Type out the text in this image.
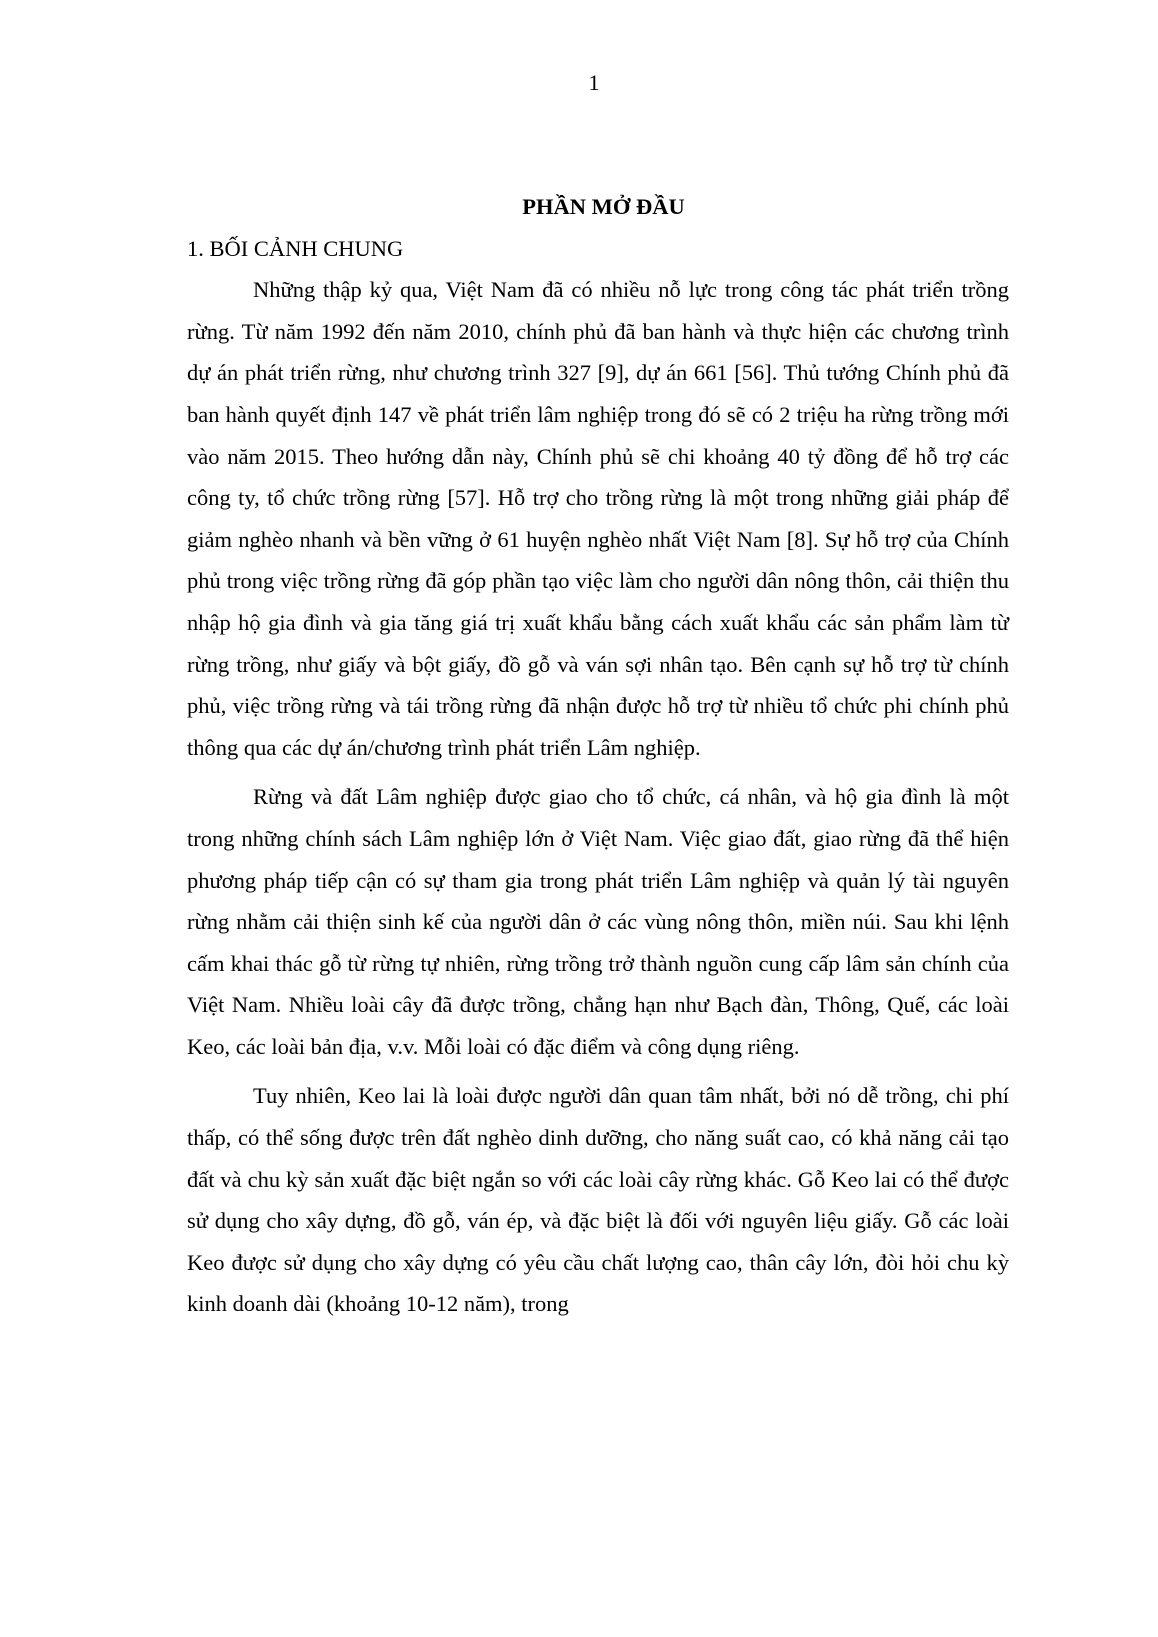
1
PHẦN MỞ ĐẦU
1. BỐI CẢNH CHUNG

Những thập kỷ qua, Việt Nam đã có nhiều nỗ lực trong công tác phát triển trồng rừng. Từ năm 1992 đến năm 2010, chính phủ đã ban hành và thực hiện các chương trình dự án phát triển rừng, như chương trình 327 [9], dự án 661 [56]. Thủ tướng Chính phủ đã ban hành quyết định 147 về phát triển lâm nghiệp trong đó sẽ có 2 triệu ha rừng trồng mới vào năm 2015. Theo hướng dẫn này, Chính phủ sẽ chi khoảng 40 tỷ đồng để hỗ trợ các công ty, tổ chức trồng rừng [57]. Hỗ trợ cho trồng rừng là một trong những giải pháp để giảm nghèo nhanh và bền vững ở 61 huyện nghèo nhất Việt Nam [8]. Sự hỗ trợ của Chính phủ trong việc trồng rừng đã góp phần tạo việc làm cho người dân nông thôn, cải thiện thu nhập hộ gia đình và gia tăng giá trị xuất khẩu bằng cách xuất khẩu các sản phẩm làm từ rừng trồng, như giấy và bột giấy, đồ gỗ và ván sợi nhân tạo. Bên cạnh sự hỗ trợ từ chính phủ, việc trồng rừng và tái trồng rừng đã nhận được hỗ trợ từ nhiều tổ chức phi chính phủ thông qua các dự án/chương trình phát triển Lâm nghiệp.

Rừng và đất Lâm nghiệp được giao cho tổ chức, cá nhân, và hộ gia đình là một trong những chính sách Lâm nghiệp lớn ở Việt Nam. Việc giao đất, giao rừng đã thể hiện phương pháp tiếp cận có sự tham gia trong phát triển Lâm nghiệp và quản lý tài nguyên rừng nhằm cải thiện sinh kế của người dân ở các vùng nông thôn, miền núi. Sau khi lệnh cấm khai thác gỗ từ rừng tự nhiên, rừng trồng trở thành nguồn cung cấp lâm sản chính của Việt Nam. Nhiều loài cây đã được trồng, chẳng hạn như Bạch đàn, Thông, Quế, các loài Keo, các loài bản địa, v.v. Mỗi loài có đặc điểm và công dụng riêng.

Tuy nhiên, Keo lai là loài được người dân quan tâm nhất, bởi nó dễ trồng, chi phí thấp, có thể sống được trên đất nghèo dinh dưỡng, cho năng suất cao, có khả năng cải tạo đất và chu kỳ sản xuất đặc biệt ngắn so với các loài cây rừng khác. Gỗ Keo lai có thể được sử dụng cho xây dựng, đồ gỗ, ván ép, và đặc biệt là đối với nguyên liệu giấy. Gỗ các loài Keo được sử dụng cho xây dựng có yêu cầu chất lượng cao, thân cây lớn, đòi hỏi chu kỳ kinh doanh dài (khoảng 10-12 năm), trong
